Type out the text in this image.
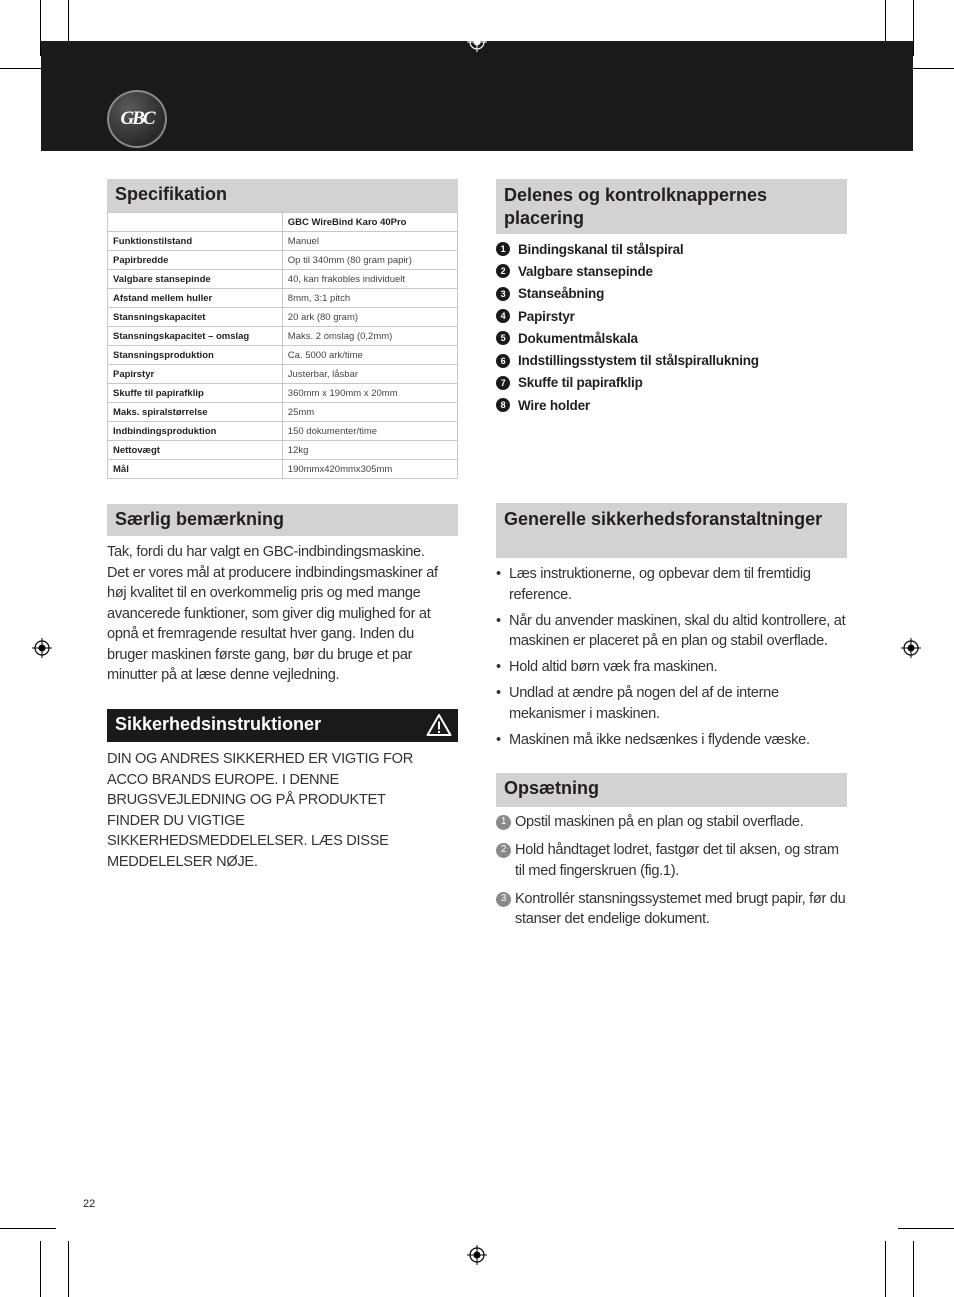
GBC
Specifikation
	GBC WireBind Karo 40Pro
Funktionstilstand	Manuel
Papirbredde	Op til 340mm (80 gram papir)
Valgbare stansepinde	40, kan frakobles individuelt
Afstand mellem huller	8mm, 3:1 pitch
Stansningskapacitet	20 ark (80 gram)
Stansningskapacitet – omslag	Maks. 2 omslag (0,2mm)
Stansningsproduktion	Ca. 5000 ark/time
Papirstyr	Justerbar, låsbar
Skuffe til papirafklip	360mm x 190mm x 20mm
Maks. spiralstørrelse	25mm
Indbindingsproduktion	150 dokumenter/time
Nettovægt	12kg
Mål	190mmx420mmx305mm
Delenes og kontrolknappernes placering
1 Bindingskanal til stålspiral
2 Valgbare stansepinde
3 Stanseåbning
4 Papirstyr
5 Dokumentmålskala
6 Indstillingsstystem til stålspirallukning
7 Skuffe til papirafklip
8 Wire holder
Særlig bemærkning

Tak, fordi du har valgt en GBC-indbindingsmaskine. Det er vores mål at producere indbindingsmaskiner af høj kvalitet til en overkommelig pris og med mange avancerede funktioner, som giver dig mulighed for at opnå et fremragende resultat hver gang. Inden du bruger maskinen første gang, bør du bruge et par minutter på at læse denne vejledning.

Sikkerhedsinstruktioner

DIN OG ANDRES SIKKERHED ER VIGTIG FOR ACCO BRANDS EUROPE. I DENNE BRUGSVEJLEDNING OG PÅ PRODUKTET FINDER DU VIGTIGE SIKKERHEDSMEDDELELSER. LÆS DISSE MEDDELELSER NØJE.

Generelle sikkerhedsforanstaltninger
• Læs instruktionerne, og opbevar dem til fremtidig reference.
• Når du anvender maskinen, skal du altid kontrollere, at maskinen er placeret på en plan og stabil overflade.
• Hold altid børn væk fra maskinen.
• Undlad at ændre på nogen del af de interne mekanismer i maskinen.
• Maskinen må ikke nedsænkes i flydende væske.
Opsætning
1 Opstil maskinen på en plan og stabil overflade.
2 Hold håndtaget lodret, fastgør det til aksen, og stram til med fingerskruen (fig.1).
3 Kontrollér stansningssystemet med brugt papir, før du stanser det endelige dokument.
22
